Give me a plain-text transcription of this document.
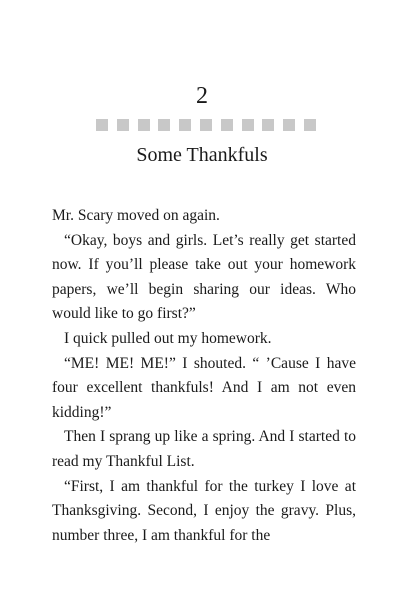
2
Some Thankfuls

Mr. Scary moved on again.

“Okay, boys and girls. Let’s really get started now. If you’ll please take out your homework papers, we’ll begin sharing our ideas. Who would like to go first?”

I quick pulled out my homework.

“ME! ME! ME!” I shouted. “ ’Cause I have four excellent thankfuls! And I am not even kidding!”

Then I sprang up like a spring. And I started to read my Thankful List.

“First, I am thankful for the turkey I love at Thanksgiving. Second, I enjoy the gravy. Plus, number three, I am thankful for the
